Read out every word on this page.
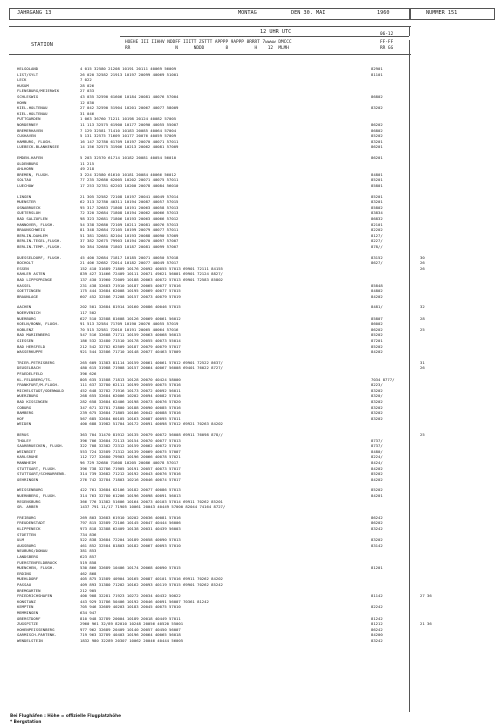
JAHRGANG 13	MONTAG	DEN 30. MAI	1960	NUMMER 151
12 UHR UTC
STATION	HOEHE III IIHHV NDDFF IIITT ZSTTT APPPP 9APPP 8RRRT 7wwww DMCCC
RR                 N      NDDD        8          H    12  MLMH
06-12
FF-FF
RR GG
HELGOLAND	4 015 32580 21208 10191 20111 40069 56009	82901
LIST/SYLT	26 020 32582 21913 10197 20099 40069 51001	81101
LECK	7 022
HUSUM	28 026
FLENSBURG/MEIERWIK	27 033
SCHLESWIG	43 035 32590 61606 10184 20081 40076 57004	86802
HOHN	12 030
KIEL-HOLTENAU	27 042 32590 51904 10201 20067 40077 58009	83202
KIEL-HOLTENAU	31 046
PUTTGARDEN	1 063 36760 71211 10198 20124 40082 57005
NORDERNEY	11 113 32575 61900 10177 20090 40055 55007	86202
BREMERHAVEN	7 129 32581 71410 10183 20085 40064 57004	86802
CUXHAVEN	5 131 32575 71609 10177 20076 40059 57009	85202
HAMBURG, FLUGH.	16 147 32780 61709 10197 20070 40071 57011	83201
LUEBECK-BLANKENSEE	14 156 32575 31906 10213 20062 40081 57009	86201
EMDEN-HAFEN	5 203 32570 61714 10182 20081 40054 56010	86201
OLDENBURG	11 215
AHLHORN	49 218
BREMEN, FLUGH.	3 224 32580 61610 10181 20084 40066 56012	84801
SOLTAU	77 235 32680 62005 10202 20071 40075 57011	85201
LUECHOW	17 253 32781 62203 10200 20078 40084 56010	85801
LINGEN	21 305 32582 72108 10197 20041 40049 57014	85201
MUENSTER	62 313 32780 40311 10194 20087 40057 57015	83201
OSNABRUECK	95 317 32683 71808 10191 20063 40058 57013	85802
GUETERSLOH	72 320 32684 71808 10194 20062 40066 57013	83834
BAD SALZUFLEN	98 323 32681 71806 10193 20063 40066 57012	86832
HANNOVER, FLUGH.	54 338 32680 72109 10211 20081 40076 57013	82101
BRAUNSCHWEIG	81 348 32684 72105 10199 20079 40077 57011	82202
BERLIN-DAHLEM	51 381 32681 82104 10193 20088 40090 57009	8127/
BERLIN-TEGEL,FLUGH.	37 382 32675 79903 10194 20070 40097 57007	8227/
BERLIN-TEMP.,FLUGH.	50 384 32680 71803 10187 20081 40099 57007	878//
DUESSELDORF, FLUGH.	45 400 32684 71817 10185 20071 40050 57018	83152	30
BOCHOLT	21 406 32682 72014 10182 20077 40049 57017	8627/	26
ESSEN	152 410 31689 71809 10176 20092 40055 57013 69901 72111 84155	26
KAHLER ASTEN	839 427 31466 72409 10111 20071 49621 56001 69901 72124 8827/
BAD LIPPSPRINGE	137 430 31960 72009 10188 20063 40072 57013 69901 72583 85802
KASSEL	231 438 32683 71910 10187 20065 40077 57016	85848
GOETTINGEN	175 444 32684 62008 10195 20069 40077 57015	84802
BRAUNLAGE	607 452 32586 71208 10157 20073 40079 57019	84202
AACHEN	202 501 32684 81914 10160 20086 40046 57015	8481/	32
NOERVENICH	117 502
NUERBURG	627 510 32588 81608 10126 20069 40061 56012	85807	28
KOELN/BONN, FLUGH.	91 513 32584 71709 10190 20076 40055 57019	86002
KOBLENZ	70 515 32581 72010 10191 20065 40064 57016	86202	25
BAD MARIENBERG	547 516 32688 71711 10159 20063 40068 56013	85202
GIESSEN	186 532 32480 71510 10178 20055 40073 55014	87201
BAD HERSFELD	212 542 32782 62509 10187 20079 40079 57017	85202
WASSERKUPPE	921 544 32586 71710 10148 20077 40463 57009	84202
TRIER-PETRISBERG	265 609 31383 81114 10159 20061 40061 57012 69901 72522 8637/	31
DEUSELBACH	480 615 31988 71908 10157 20064 40067 56008 69401 76022 8727/	26
PFAEDELFELD	396 626
KL.FELDBERG/TS.	805 635 31588 71813 10128 20070 40424 58000	7034 8777/
FRANKFURT/M.FLUGH.	111 637 32780 62111 10199 20059 40075 57016	8223/
MICHELSTADT/ODENWALD	452 648 32782 71916 10173 20072 40092 56011	83202
WUERZBURG	268 655 32684 62006 10202 20094 40082 57016	8320/
BAD KISSINGEN	282 658 32684 62406 10198 20073 40076 57020	83202
COBURG	347 671 32781 71800 10188 20090 40085 57016	83202
BAMBERG	239 675 32684 71805 10186 20042 40088 57016	83202
HOF	567 685 32684 60105 10163 20087 40095 57011	83202
WEIDEN	400 688 31982 51704 10172 20091 40098 57012 69921 70263 84202
BERUS	363 704 31470 81912 10135 20079 40072 56008 69911 76098 878//	25
THOLEY	396 706 32684 72113 10154 20070 40077 57013	8737/
SAARBRUECKEN, FLUGH.	322 708 32382 72312 10159 20062 40072 57019	8737/
WEINBIET	553 724 32589 71312 10139 20069 40075 57007	8480/
KARLSRUHE	112 727 32680 79903 10196 20066 40078 57021	8224/
MANNHEIM	96 729 32680 71608 10205 20086 40078 57017	8424/
STUTTGART, FLUGH.	396 738 32786 71905 10191 20057 40073 57017	84202
STUTTGART/SCHNARRENB.	314 739 32682 71212 10192 20043 40076 57016	85202
OEHRINGEN	276 742 32784 71803 10216 20046 40074 57017	84202
WEISSENBURG	422 761 32684 62106 10182 20077 40086 57013	85202
NUERNBERG, FLUGH.	314 763 32780 61206 10196 20098 40091 56013	84201
REGENSBURG	366 776 31382 51606 10164 20073 40103 57014 69911 70262 85201
GR. ARBER	1437 791 11/17 71905 10061 20043 40449 57000 82044 74164 8727/
FREIBURG	269 803 32683 61910 10202 20036 40081 57016	86242
FREUDENSTADT	797 815 32589 72106 10145 20047 40444 56006	86202
KLIPPENECK	973 818 32388 62409 10138 20031 40439 56003	83242
STOETTEN	734 836
ULM	522 838 32684 72204 10189 20058 40090 57013	83202
AUGSBURG	461 852 32584 81803 10182 20067 40093 57010	83142
NEUBURG/DONAU	381 853
LANDSBERG	623 857
FUERSTENFELDBRUCK	519 858
MUENCHEN, FLUGH.	530 866 32689 10406 10174 20068 40090 57015	81201
ERDING	462 868
MUEHLDORF	405 875 31589 40904 10165 20087 40101 57016 69911 70262 84202
PASSAU	409 893 31380 71202 10162 20093 40119 57015 69901 70262 85242
BREMGARTEN	212 905
FRIEDRICHSHAFEN	400 908 32281 71923 10272 20034 40432 50022	81142	27 36
KONSTANZ	443 929 31786 50406 10192 20046 40091 56007 70361 81242
KEMPTEN	705 946 32689 40203 10183 20045 40075 57010	82242
MEMMINGEN	634 947
OBERSTDORF	810 948 32789 20004 10189 20018 40449 57011	81242
ZUGSPITZE	2960 961 32/89 82010 10248 20056 40520 55001	81212	21 36
HOHENPEISSENBERG	977 962 32689 20409 10140 20057 40450 56007	86242
GARMISCH-PARTENK.	719 963 32789 40403 10196 20064 40065 56018	84200
WENDELSTEIN	1832 980 32289 20307 10062 20046 40444 56005	83242
Bei Flughäfen : Höhe = offizielle Flugplatzhöhe
* Bergstation
